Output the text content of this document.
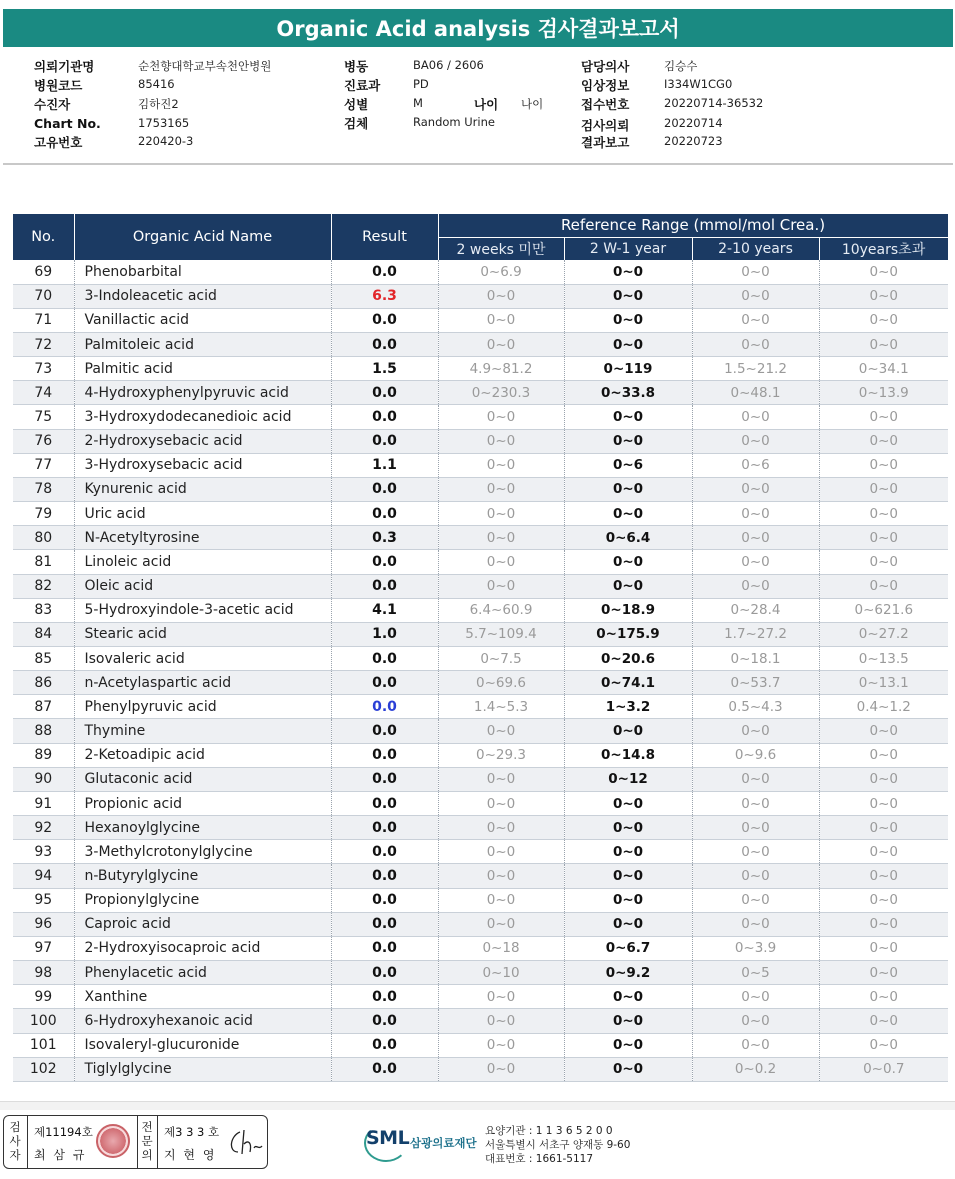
Organic Acid analysis 검사결과보고서
의뢰기관명	순천향대학교부속천안병원
병원코드	85416
수진자	김하진2
Chart No.	1753165
고유번호	220420-3
병동	BA06 / 2606
진료과	PD
성별	M	나이 나이
검체	Random Urine
담당의사	김승수
임상정보	I334W1CG0
접수번호	20220714-36532
검사의뢰	20220714
결과보고	20220723
No.	Organic Acid Name	Result	Reference Range (mmol/mol Crea.)			
			2 weeks 미만	2 W-1 year	2-10 years	10years초과
69	Phenobarbital	0.0	0~6.9	0~0	0~0	0~0
70	3-Indoleacetic acid	6.3	0~0	0~0	0~0	0~0
71	Vanillactic acid	0.0	0~0	0~0	0~0	0~0
72	Palmitoleic acid	0.0	0~0	0~0	0~0	0~0
73	Palmitic acid	1.5	4.9~81.2	0~119	1.5~21.2	0~34.1
74	4-Hydroxyphenylpyruvic acid	0.0	0~230.3	0~33.8	0~48.1	0~13.9
75	3-Hydroxydodecanedioic acid	0.0	0~0	0~0	0~0	0~0
76	2-Hydroxysebacic acid	0.0	0~0	0~0	0~0	0~0
77	3-Hydroxysebacic acid	1.1	0~0	0~6	0~6	0~0
78	Kynurenic acid	0.0	0~0	0~0	0~0	0~0
79	Uric acid	0.0	0~0	0~0	0~0	0~0
80	N-Acetyltyrosine	0.3	0~0	0~6.4	0~0	0~0
81	Linoleic acid	0.0	0~0	0~0	0~0	0~0
82	Oleic acid	0.0	0~0	0~0	0~0	0~0
83	5-Hydroxyindole-3-acetic acid	4.1	6.4~60.9	0~18.9	0~28.4	0~621.6
84	Stearic acid	1.0	5.7~109.4	0~175.9	1.7~27.2	0~27.2
85	Isovaleric acid	0.0	0~7.5	0~20.6	0~18.1	0~13.5
86	n-Acetylaspartic acid	0.0	0~69.6	0~74.1	0~53.7	0~13.1
87	Phenylpyruvic acid	0.0	1.4~5.3	1~3.2	0.5~4.3	0.4~1.2
88	Thymine	0.0	0~0	0~0	0~0	0~0
89	2-Ketoadipic acid	0.0	0~29.3	0~14.8	0~9.6	0~0
90	Glutaconic acid	0.0	0~0	0~12	0~0	0~0
91	Propionic acid	0.0	0~0	0~0	0~0	0~0
92	Hexanoylglycine	0.0	0~0	0~0	0~0	0~0
93	3-Methylcrotonylglycine	0.0	0~0	0~0	0~0	0~0
94	n-Butyrylglycine	0.0	0~0	0~0	0~0	0~0
95	Propionylglycine	0.0	0~0	0~0	0~0	0~0
96	Caproic acid	0.0	0~0	0~0	0~0	0~0
97	2-Hydroxyisocaproic acid	0.0	0~18	0~6.7	0~3.9	0~0
98	Phenylacetic acid	0.0	0~10	0~9.2	0~5	0~0
99	Xanthine	0.0	0~0	0~0	0~0	0~0
100	6-Hydroxyhexanoic acid	0.0	0~0	0~0	0~0	0~0
101	Isovaleryl-glucuronide	0.0	0~0	0~0	0~0	0~0
102	Tiglylglycine	0.0	0~0	0~0	0~0.2	0~0.7
검사자
제11194호
최 삼 규
전문의
제3 3 3 호
지 현 영
SML 삼광의료재단
요양기관 : 1 1 3 6 5 2 0 0
서울특별시 서초구 양재동 9-60
대표번호 : 1661-5117
